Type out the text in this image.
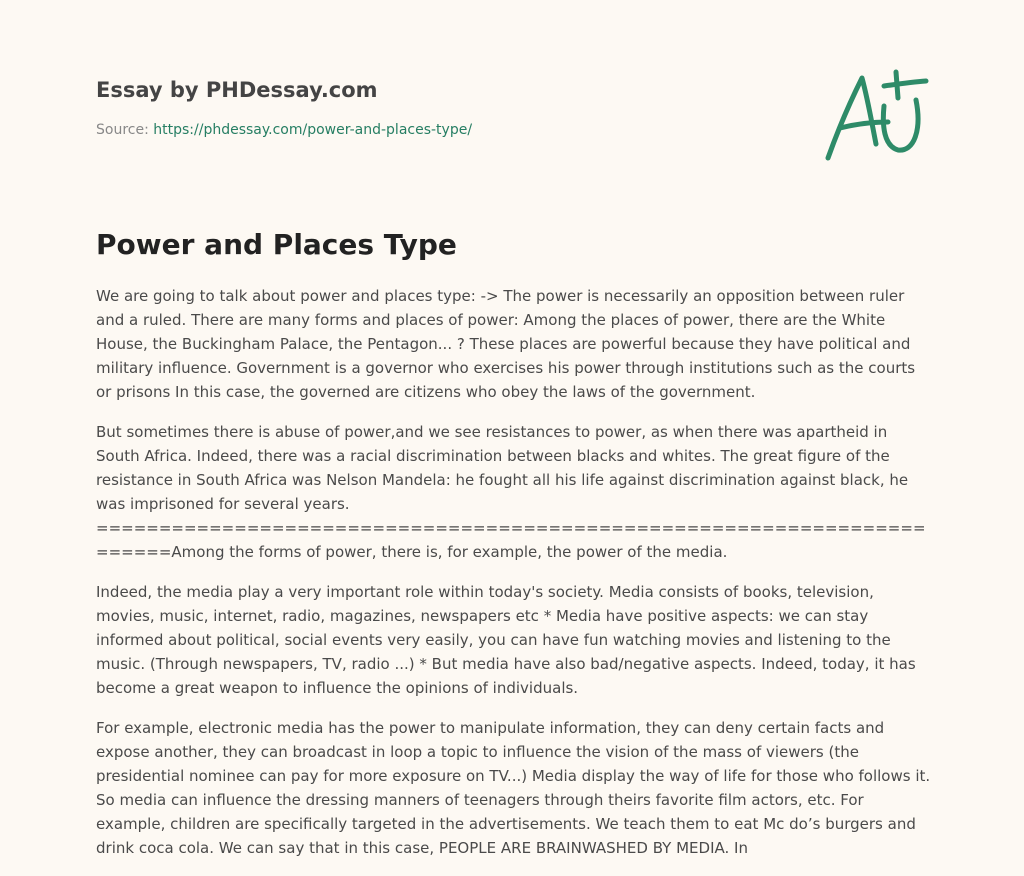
Essay by PHDessay.com
Source: https://phdessay.com/power-and-places-type/
Power and Places Type

We are going to talk about power and places type: -> The power is necessarily an opposition between ruler and a ruled. There are many forms and places of power: Among the places of power, there are the White House, the Buckingham Palace, the Pentagon... ? These places are powerful because they have political and military influence. Government is a governor who exercises his power through institutions such as the courts or prisons In this case, the governed are citizens who obey the laws of the government.

But sometimes there is abuse of power,and we see resistances to power, as when there was apartheid in South Africa. Indeed, there was a racial discrimination between blacks and whites. The great figure of the resistance in South Africa was Nelson Mandela: he fought all his life against discrimination against black, he was imprisoned for several years.
========================================================================Among the forms of power, there is, for example, the power of the media.

Indeed, the media play a very important role within today's society. Media consists of books, television, movies, music, internet, radio, magazines, newspapers etc * Media have positive aspects: we can stay informed about political, social events very easily, you can have fun watching movies and listening to the music. (Through newspapers, TV, radio ...) * But media have also bad/negative aspects. Indeed, today, it has become a great weapon to influence the opinions of individuals.

For example, electronic media has the power to manipulate information, they can deny certain facts and expose another, they can broadcast in loop a topic to influence the vision of the mass of viewers (the presidential nominee can pay for more exposure on TV...) Media display the way of life for those who follows it. So media can influence the dressing manners of teenagers through theirs favorite film actors, etc. For example, children are specifically targeted in the advertisements. We teach them to eat Mc do’s burgers and drink coca cola. We can say that in this case, PEOPLE ARE BRAINWASHED BY MEDIA. In
